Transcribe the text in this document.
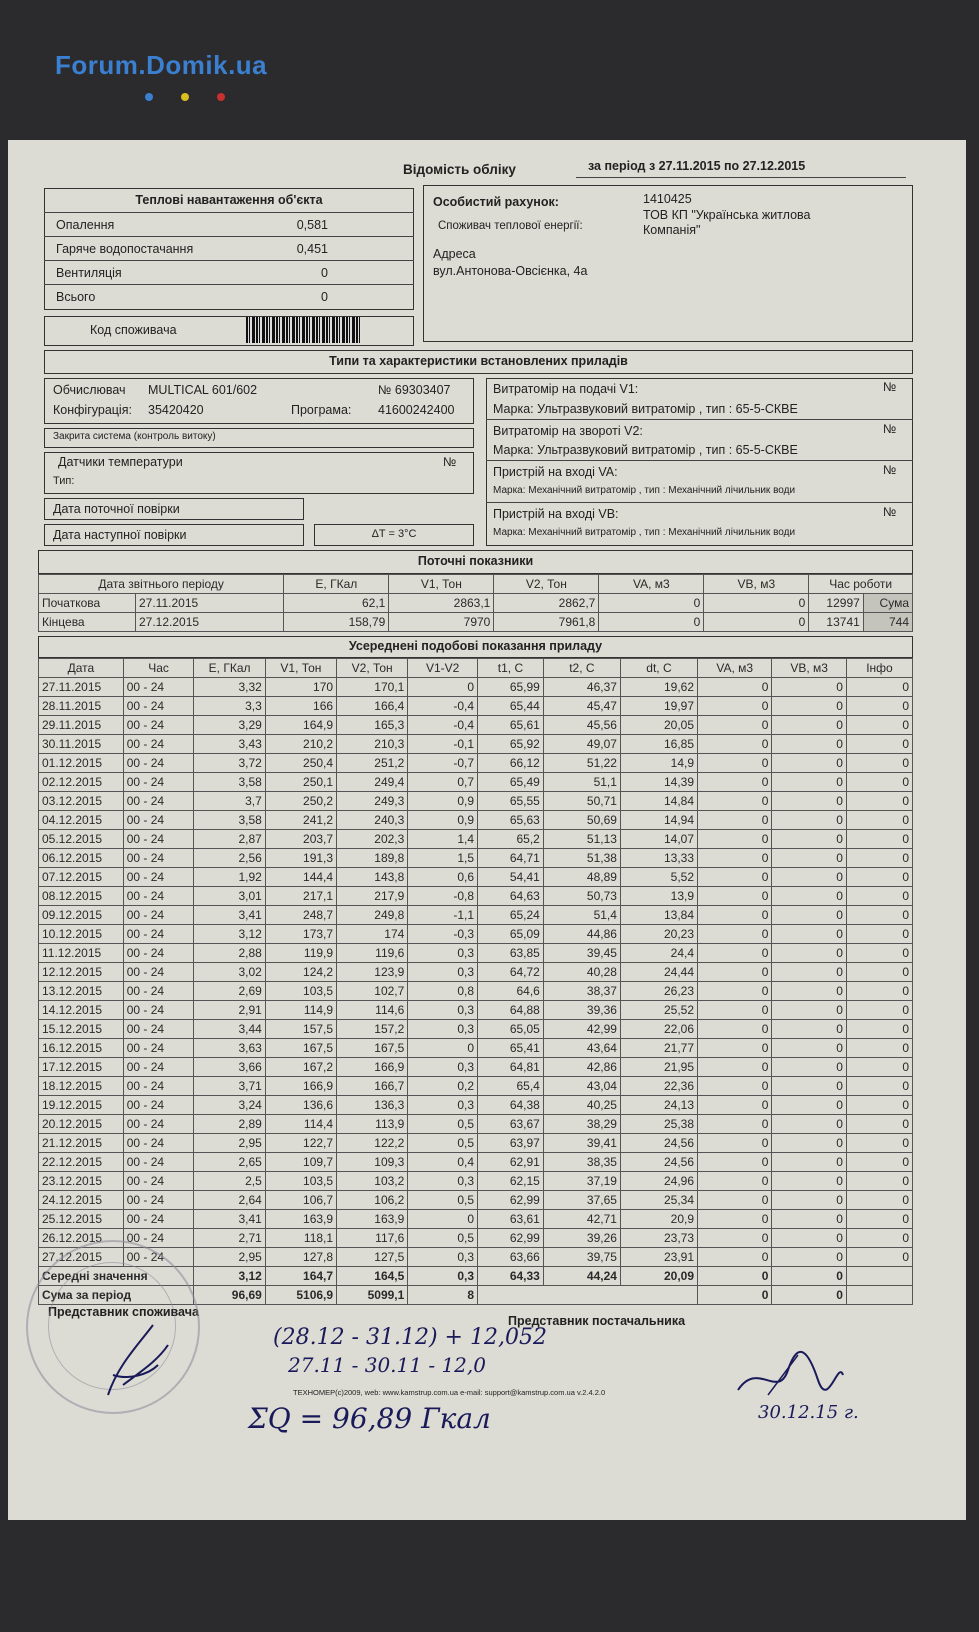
Forum.Domik.ua
Відомість обліку	за період з 27.11.2015 по 27.12.2015
Теплові навантаження об'єкта
Опалення	0,581
Гаряче водопостачання	0,451
Вентиляція	0
Всього	0
Особистий рахунок:	1410425
Споживач теплової енергії:
ТОВ КП "Українська житлова
Компанія"
Адреса
вул.Антонова-Овсієнка, 4а
Код споживача
Типи та характеристики встановлених приладів
Обчислювач MULTICAL 601/602	№ 69303407
Конфігурація: 35420420	Програма: 41600242400
Закрита система (контроль витоку)
Датчики температури	№
Тип:
Дата поточної повірки
Дата наступної повірки	ΔT = 3°C
Витратомір на подачі V1:	№
Марка: Ультразвуковий витратомір , тип : 65-5-СКВЕ
Витратомір на зворотi V2:	№
Марка: Ультразвуковий витратомір , тип : 65-5-СКВЕ
Пристрій на вході VA:	№
Марка: Механічний витратомір , тип : Механічний лічильник води
Пристрій на вході VB:	№
Марка: Механічний витратомір , тип : Механічний лічильник води
Поточні показники
Дата звітнього періоду		E, ГКал	V1, Тон	V2, Тон	VA, м3	VB, м3	Час роботи	
Початкова	27.11.2015	62,1	2863,1	2862,7	0	0	12997	Сума
Кінцева	27.12.2015	158,79	7970	7961,8	0	0	13741	744
Усереднені подобові показання приладу
Дата	Час	E, ГКал	V1, Тон	V2, Тон	V1-V2	t1, C	t2, C	dt, C	VA, м3	VB, м3	Інфо
27.11.2015	00 - 24	3,32	170	170,1	0	65,99	46,37	19,62	0	0	0
28.11.2015	00 - 24	3,3	166	166,4	-0,4	65,44	45,47	19,97	0	0	0
29.11.2015	00 - 24	3,29	164,9	165,3	-0,4	65,61	45,56	20,05	0	0	0
30.11.2015	00 - 24	3,43	210,2	210,3	-0,1	65,92	49,07	16,85	0	0	0
01.12.2015	00 - 24	3,72	250,4	251,2	-0,7	66,12	51,22	14,9	0	0	0
02.12.2015	00 - 24	3,58	250,1	249,4	0,7	65,49	51,1	14,39	0	0	0
03.12.2015	00 - 24	3,7	250,2	249,3	0,9	65,55	50,71	14,84	0	0	0
04.12.2015	00 - 24	3,58	241,2	240,3	0,9	65,63	50,69	14,94	0	0	0
05.12.2015	00 - 24	2,87	203,7	202,3	1,4	65,2	51,13	14,07	0	0	0
06.12.2015	00 - 24	2,56	191,3	189,8	1,5	64,71	51,38	13,33	0	0	0
07.12.2015	00 - 24	1,92	144,4	143,8	0,6	54,41	48,89	5,52	0	0	0
08.12.2015	00 - 24	3,01	217,1	217,9	-0,8	64,63	50,73	13,9	0	0	0
09.12.2015	00 - 24	3,41	248,7	249,8	-1,1	65,24	51,4	13,84	0	0	0
10.12.2015	00 - 24	3,12	173,7	174	-0,3	65,09	44,86	20,23	0	0	0
11.12.2015	00 - 24	2,88	119,9	119,6	0,3	63,85	39,45	24,4	0	0	0
12.12.2015	00 - 24	3,02	124,2	123,9	0,3	64,72	40,28	24,44	0	0	0
13.12.2015	00 - 24	2,69	103,5	102,7	0,8	64,6	38,37	26,23	0	0	0
14.12.2015	00 - 24	2,91	114,9	114,6	0,3	64,88	39,36	25,52	0	0	0
15.12.2015	00 - 24	3,44	157,5	157,2	0,3	65,05	42,99	22,06	0	0	0
16.12.2015	00 - 24	3,63	167,5	167,5	0	65,41	43,64	21,77	0	0	0
17.12.2015	00 - 24	3,66	167,2	166,9	0,3	64,81	42,86	21,95	0	0	0
18.12.2015	00 - 24	3,71	166,9	166,7	0,2	65,4	43,04	22,36	0	0	0
19.12.2015	00 - 24	3,24	136,6	136,3	0,3	64,38	40,25	24,13	0	0	0
20.12.2015	00 - 24	2,89	114,4	113,9	0,5	63,67	38,29	25,38	0	0	0
21.12.2015	00 - 24	2,95	122,7	122,2	0,5	63,97	39,41	24,56	0	0	0
22.12.2015	00 - 24	2,65	109,7	109,3	0,4	62,91	38,35	24,56	0	0	0
23.12.2015	00 - 24	2,5	103,5	103,2	0,3	62,15	37,19	24,96	0	0	0
24.12.2015	00 - 24	2,64	106,7	106,2	0,5	62,99	37,65	25,34	0	0	0
25.12.2015	00 - 24	3,41	163,9	163,9	0	63,61	42,71	20,9	0	0	0
26.12.2015	00 - 24	2,71	118,1	117,6	0,5	62,99	39,26	23,73	0	0	0
27.12.2015	00 - 24	2,95	127,8	127,5	0,3	63,66	39,75	23,91	0	0	0
Середні значення		3,12	164,7	164,5	0,3	64,33	44,24	20,09	0	0	
Сума за період		96,69	5106,9	5099,1	8				0	0	
Представник споживача
Представник постачальника
ТЕХНОМЕР(с)2009, web: www.kamstrup.com.ua e-mail: support@kamstrup.com.ua v.2.4.2.0
(28.12 - 31.12) + 12,052
27.11 - 30.11 - 12,0
ΣQ = 96,89 Гкал	30.12.15 г.
